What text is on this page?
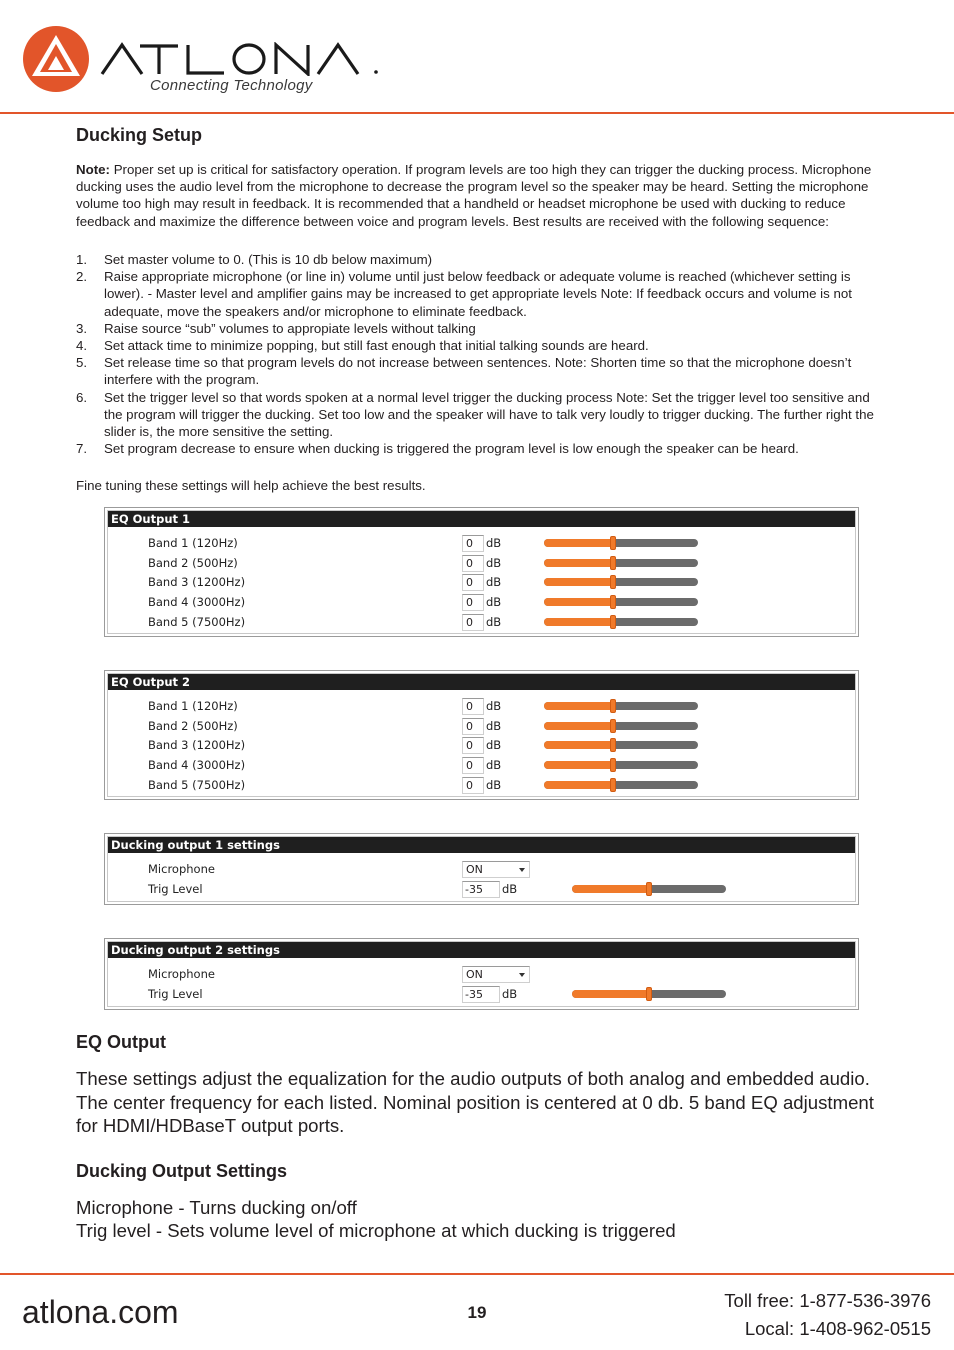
Connecting Technology
Ducking Setup
Note: Proper set up is critical for satisfactory operation. If program levels are too high they can trigger the ducking process. Microphone ducking uses the audio level from the microphone to decrease the program level so the speaker may be heard. Setting the microphone volume too high may result in feedback. It is recommended that a handheld or headset microphone be used with ducking to reduce feedback and maximize the difference between voice and program levels. Best results are received with the following sequence:
1. Set master volume to 0. (This is 10 db below maximum)
2. Raise appropriate microphone (or line in) volume until just below feedback or adequate volume is reached (whichever setting is lower). - Master level and amplifier gains may be increased to get appropriate levels Note: If feedback occurs and volume is not adequate, move the speakers and/or microphone to eliminate feedback.
3. Raise source “sub” volumes to appropiate levels without talking
4. Set attack time to minimize popping, but still fast enough that initial talking sounds are heard.
5. Set release time so that program levels do not increase between sentences. Note: Shorten time so that the microphone doesn’t interfere with the program.
6. Set the trigger level so that words spoken at a normal level trigger the ducking process Note: Set the trigger level too sensitive and the program will trigger the ducking. Set too low and the speaker will have to talk very loudly to trigger ducking. The further right the slider is, the more sensitive the setting.
7. Set program decrease to ensure when ducking is triggered the program level is low enough the speaker can be heard.
Fine tuning these settings will help achieve the best results.
EQ Output 1
Band 1 (120Hz)	0	dB
Band 2 (500Hz)	0	dB
Band 3 (1200Hz)	0	dB
Band 4 (3000Hz)	0	dB
Band 5 (7500Hz)	0	dB
EQ Output 2
Band 1 (120Hz)	0	dB
Band 2 (500Hz)	0	dB
Band 3 (1200Hz)	0	dB
Band 4 (3000Hz)	0	dB
Band 5 (7500Hz)	0	dB
Ducking output 1 settings
Microphone	ON
Trig Level	-35	dB
Ducking output 2 settings
Microphone	ON
Trig Level	-35	dB
EQ Output
These settings adjust the equalization for the audio outputs of both analog and embedded audio. The center frequency for each listed. Nominal position is centered at 0 db. 5 band EQ adjustment for HDMI/HDBaseT output ports.
Ducking Output Settings
Microphone - Turns ducking on/off
Trig level - Sets volume level of microphone at which ducking is triggered
atlona.com	19
Toll free: 1-877-536-3976
Local: 1-408-962-0515
